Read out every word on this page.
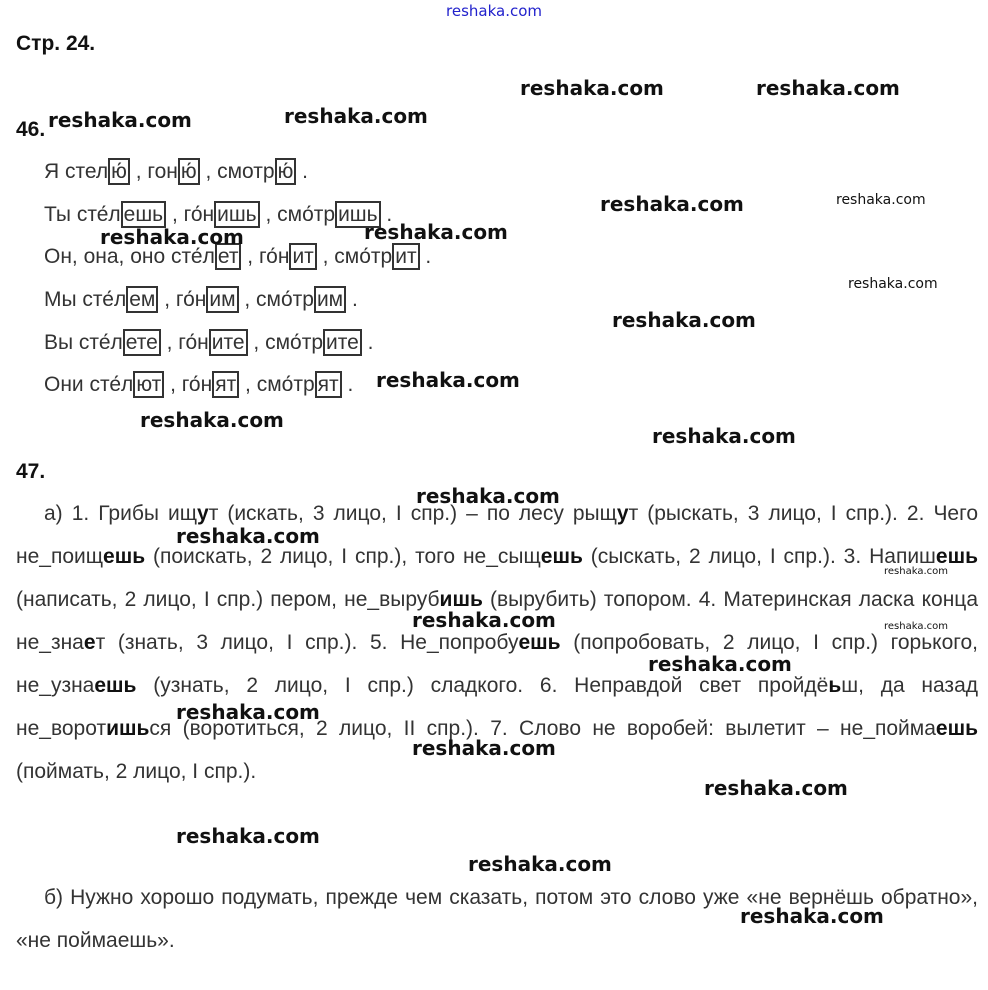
reshaka.com
Стр. 24.
46.
Я стел ю́ , гон ю́ , смотр ю́ .
Ты сте́л ешь , го́н ишь , смо́тр ишь .
Он, она, оно сте́л ет , го́н ит , смо́тр ит .
Мы сте́л ем , го́н им , смо́тр им .
Вы сте́л ете , го́н ите , смо́тр ите .
Они сте́л ют , го́н ят , смо́тр ят .
47.
а) 1. Грибы ищут (искать, 3 лицо, I спр.) – по лесу рыщут (рыскать, 3 лицо, I спр.). 2. Чего не_поищешь (поискать, 2 лицо, I спр.), того не_сыщешь (сыскать, 2 лицо, I спр.). 3. Напишешь (написать, 2 лицо, I спр.) пером, не_вырубишь (вырубить) топором. 4. Материнская ласка конца не_знает (знать, 3 лицо, I спр.). 5. Не_попробуешь (попробовать, 2 лицо, I спр.) горького, не_узнаешь (узнать, 2 лицо, I спр.) сладкого. 6. Неправдой свет пройдёьш, да назад не_воротишься (воротиться, 2 лицо, II спр.). 7. Слово не воробей: вылетит – не_поймаешь (поймать, 2 лицо, I спр.).
б) Нужно хорошо подумать, прежде чем сказать, потом это слово уже «не вернёшь обратно», «не поймаешь».
reshaka.com	reshaka.com
reshaka.com	reshaka.com
reshaka.com	reshaka.com
reshaka.com	reshaka.com
reshaka.com
reshaka.com
reshaka.com
reshaka.com
reshaka.com
reshaka.com
reshaka.com
reshaka.com
reshaka.com	reshaka.com
reshaka.com
reshaka.com
reshaka.com
reshaka.com
reshaka.com
reshaka.com
reshaka.com
